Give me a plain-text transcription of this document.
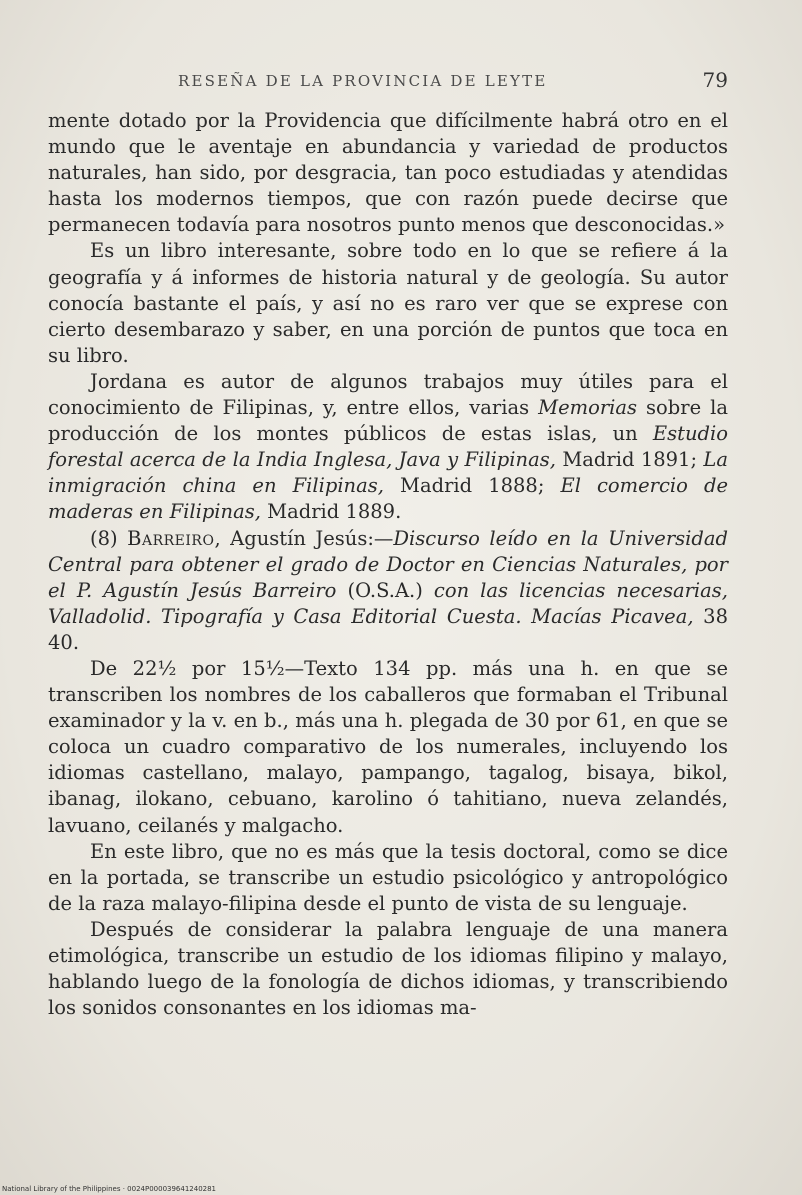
RESEÑA DE LA PROVINCIA DE LEYTE	79

mente dotado por la Providencia que difícilmente habrá otro en el mundo que le aventaje en abundancia y variedad de productos naturales, han sido, por desgracia, tan poco estudiadas y atendidas hasta los modernos tiempos, que con razón puede decirse que permanecen todavía para nosotros punto menos que desconocidas.»

Es un libro interesante, sobre todo en lo que se refiere á la geografía y á informes de historia natural y de geología. Su autor conocía bastante el país, y así no es raro ver que se exprese con cierto desembarazo y saber, en una porción de puntos que toca en su libro.

Jordana es autor de algunos trabajos muy útiles para el conocimiento de Filipinas, y, entre ellos, varias Memorias sobre la producción de los montes públicos de estas islas, un Estudio forestal acerca de la India Inglesa, Java y Filipinas, Madrid 1891; La inmigración china en Filipinas, Madrid 1888; El comercio de maderas en Filipinas, Madrid 1889.

(8) Barreiro, Agustín Jesús:—Discurso leído en la Universidad Central para obtener el grado de Doctor en Ciencias Naturales, por el P. Agustín Jesús Barreiro (O.S.A.) con las licencias necesarias, Valladolid. Tipografía y Casa Editorial Cuesta. Macías Picavea, 38 40.

De 22½ por 15½—Texto 134 pp. más una h. en que se transcriben los nombres de los caballeros que formaban el Tribunal examinador y la v. en b., más una h. plegada de 30 por 61, en que se coloca un cuadro comparativo de los numerales, incluyendo los idiomas castellano, malayo, pampango, tagalog, bisaya, bikol, ibanag, ilokano, cebuano, karolino ó tahitiano, nueva zelandés, lavuano, ceilanés y malgacho.

En este libro, que no es más que la tesis doctoral, como se dice en la portada, se transcribe un estudio psicológico y antropológico de la raza malayo-filipina desde el punto de vista de su lenguaje.

Después de considerar la palabra lenguaje de una manera etimológica, transcribe un estudio de los idiomas filipino y malayo, hablando luego de la fonología de dichos idiomas, y transcribiendo los sonidos consonantes en los idiomas ma-

National Library of the Philippines · 0024P000039641240281
